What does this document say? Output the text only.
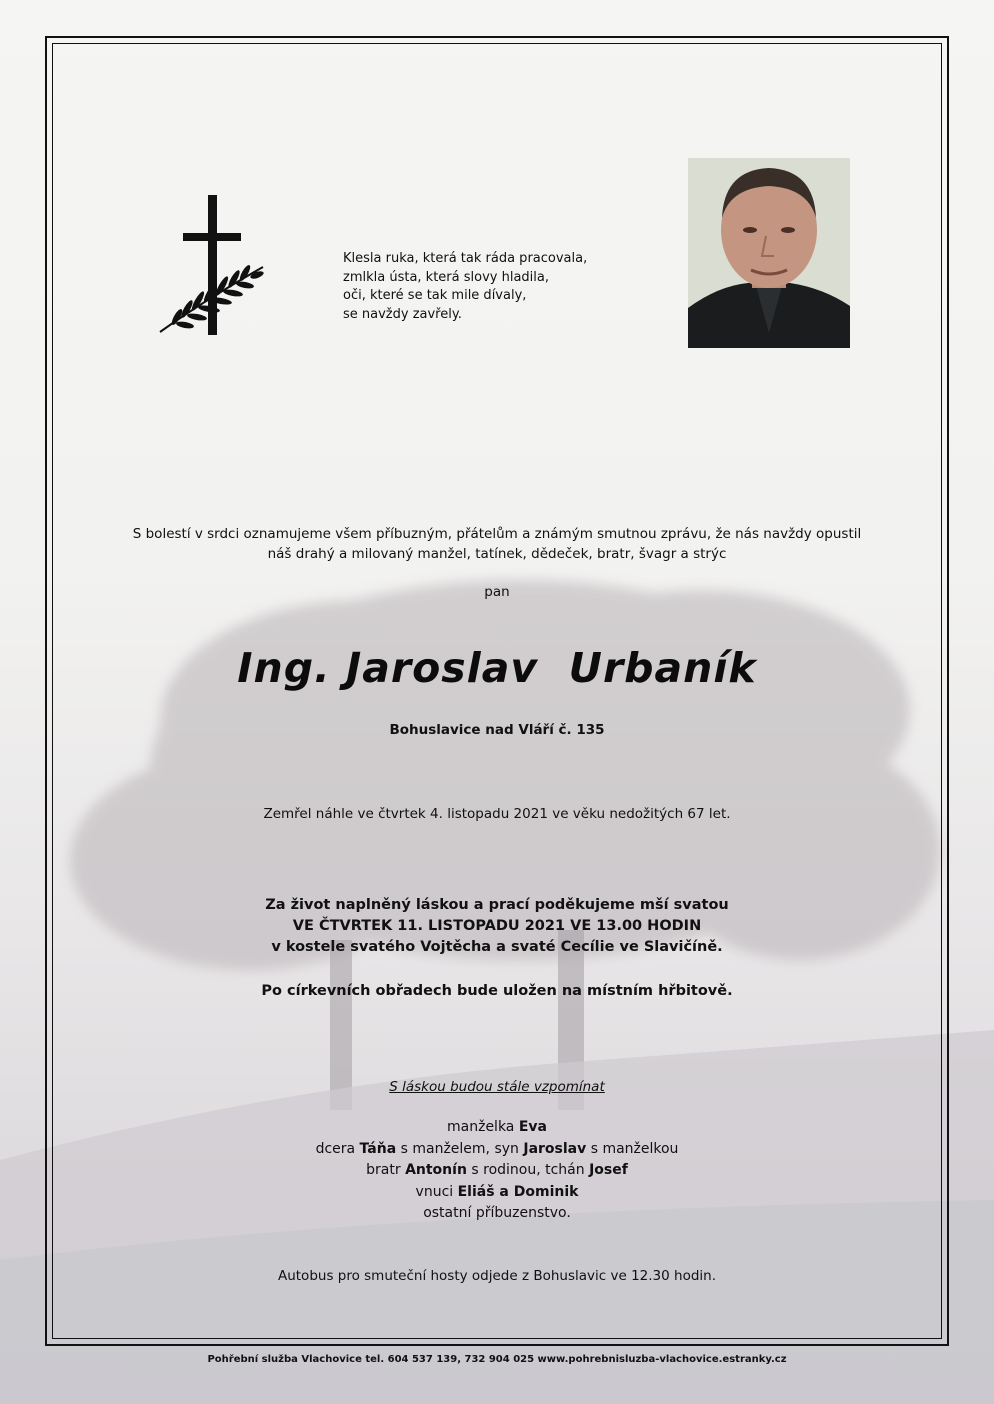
Klesla ruka, která tak ráda pracovala,
zmlkla ústa, která slovy hladila,
oči, které se tak mile dívaly,
se navždy zavřely.
S bolestí v srdci oznamujeme všem příbuzným, přátelům a známým smutnou zprávu, že nás navždy opustil
náš drahý a milovaný manžel, tatínek, dědeček, bratr, švagr a strýc
pan
Ing. Jaroslav  Urbaník
Bohuslavice nad Vláří č. 135
Zemřel náhle ve čtvrtek 4. listopadu 2021 ve věku nedožitých 67 let.
Za život naplněný láskou a prací poděkujeme mší svatou
VE ČTVRTEK 11. LISTOPADU 2021 VE 13.00 HODIN
v kostele svatého Vojtěcha a svaté Cecílie ve Slavičíně.
Po církevních obřadech bude uložen na místním hřbitově.
S láskou budou stále vzpomínat
manželka Eva
dcera Táňa s manželem, syn Jaroslav s manželkou
bratr Antonín s rodinou, tchán Josef
vnuci Eliáš a Dominik
ostatní příbuzenstvo.
Autobus pro smuteční hosty odjede z Bohuslavic ve 12.30 hodin.
Pohřební služba Vlachovice tel. 604 537 139, 732 904 025 www.pohrebnisluzba-vlachovice.estranky.cz
